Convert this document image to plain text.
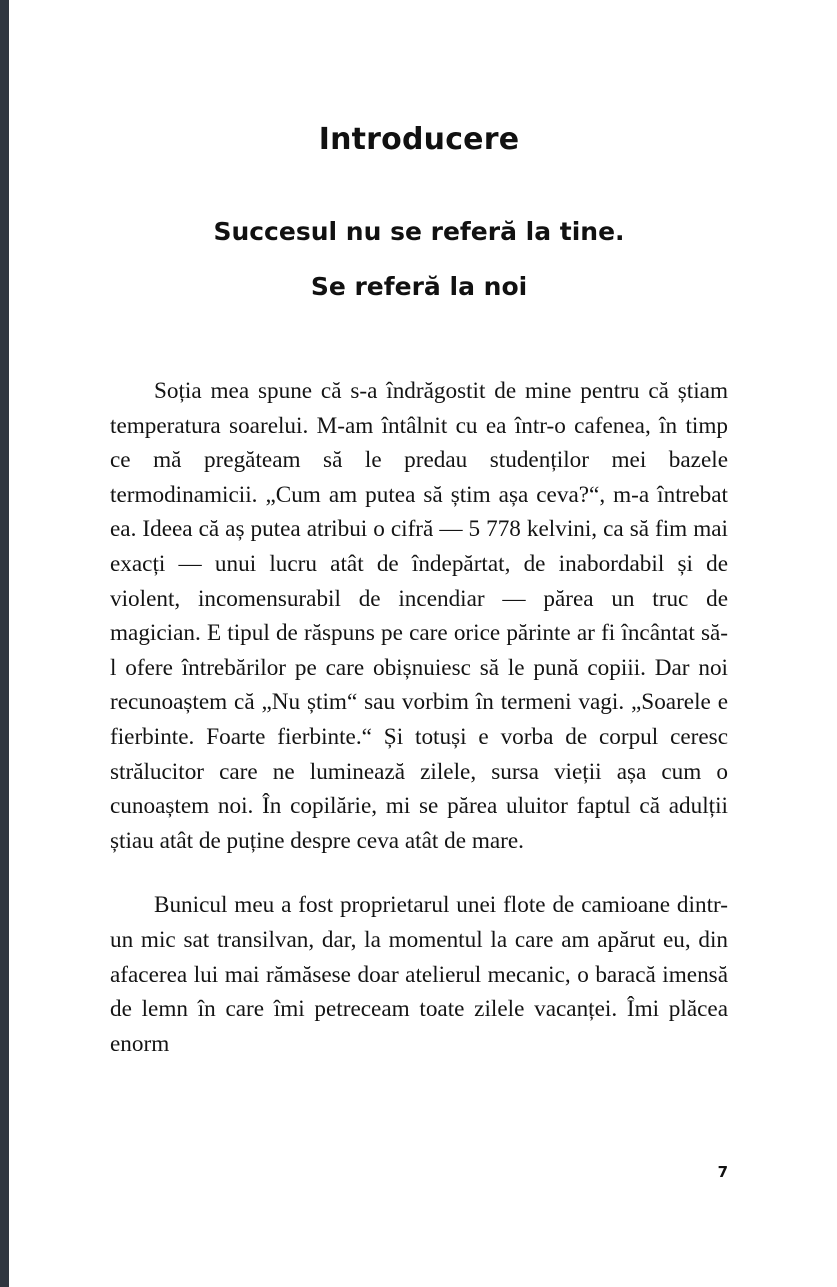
Introducere
Succesul nu se referă la tine.
Se referă la noi

Soția mea spune că s-a îndrăgostit de mine pentru că știam temperatura soarelui. M-am întâlnit cu ea într-o cafenea, în timp ce mă pregăteam să le predau studenților mei bazele termodinamicii. „Cum am putea să știm așa ceva?“, m-a întrebat ea. Ideea că aș putea atribui o cifră — 5 778 kelvini, ca să fim mai exacți — unui lucru atât de îndepărtat, de inabordabil și de violent, incomensurabil de incendiar — părea un truc de magician. E tipul de răspuns pe care orice părinte ar fi încântat să-l ofere întrebărilor pe care obișnuiesc să le pună copiii. Dar noi recunoaștem că „Nu știm“ sau vorbim în termeni vagi. „Soarele e fierbinte. Foarte fierbinte.“ Și totuși e vorba de corpul ceresc strălucitor care ne luminează zilele, sursa vieții așa cum o cunoaștem noi. În copilărie, mi se părea uluitor faptul că adulții știau atât de puține despre ceva atât de mare.

Bunicul meu a fost proprietarul unei flote de camioane dintr-un mic sat transilvan, dar, la momentul la care am apărut eu, din afacerea lui mai rămăsese doar atelierul mecanic, o baracă imensă de lemn în care îmi petreceam toate zilele vacanței. Îmi plăcea enorm

7
